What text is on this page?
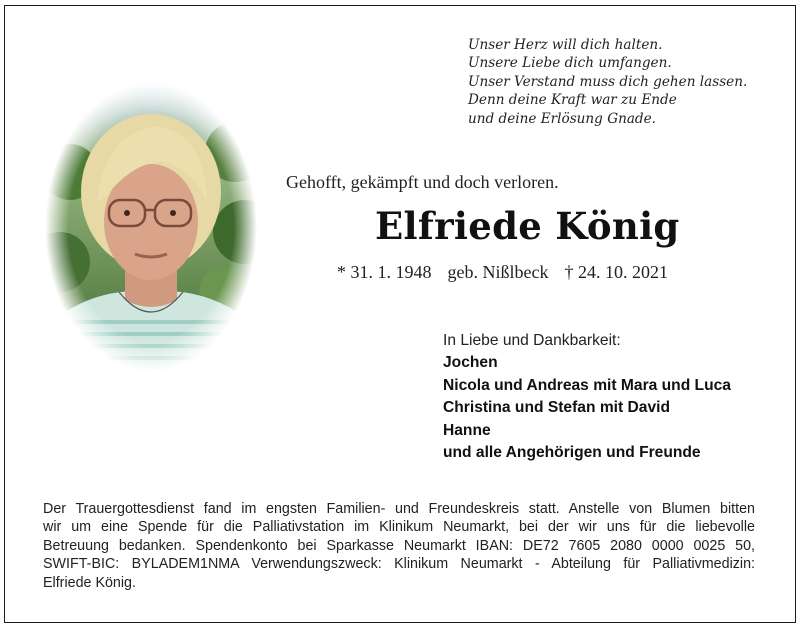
Unser Herz will dich halten.
Unsere Liebe dich umfangen.
Unser Verstand muss dich gehen lassen.
Denn deine Kraft war zu Ende
und deine Erlösung Gnade.
Gehofft, gekämpft und doch verloren.
Elfriede König
* 31. 1. 1948 geb. Nißlbeck † 24. 10. 2021
In Liebe und Dankbarkeit:
Jochen
Nicola und Andreas mit Mara und Luca
Christina und Stefan mit David
Hanne
und alle Angehörigen und Freunde
Der Trauergottesdienst fand im engsten Familien- und Freundeskreis statt. Anstelle von Blumen bitten
wir um eine Spende für die Palliativstation im Klinikum Neumarkt, bei der wir uns für die liebevolle
Betreuung bedanken. Spendenkonto bei Sparkasse Neumarkt IBAN: DE72 7605 2080 0000 0025 50,
SWIFT-BIC: BYLADEM1NMA Verwendungszweck: Klinikum Neumarkt - Abteilung für Palliativmedizin:
Elfriede König.
